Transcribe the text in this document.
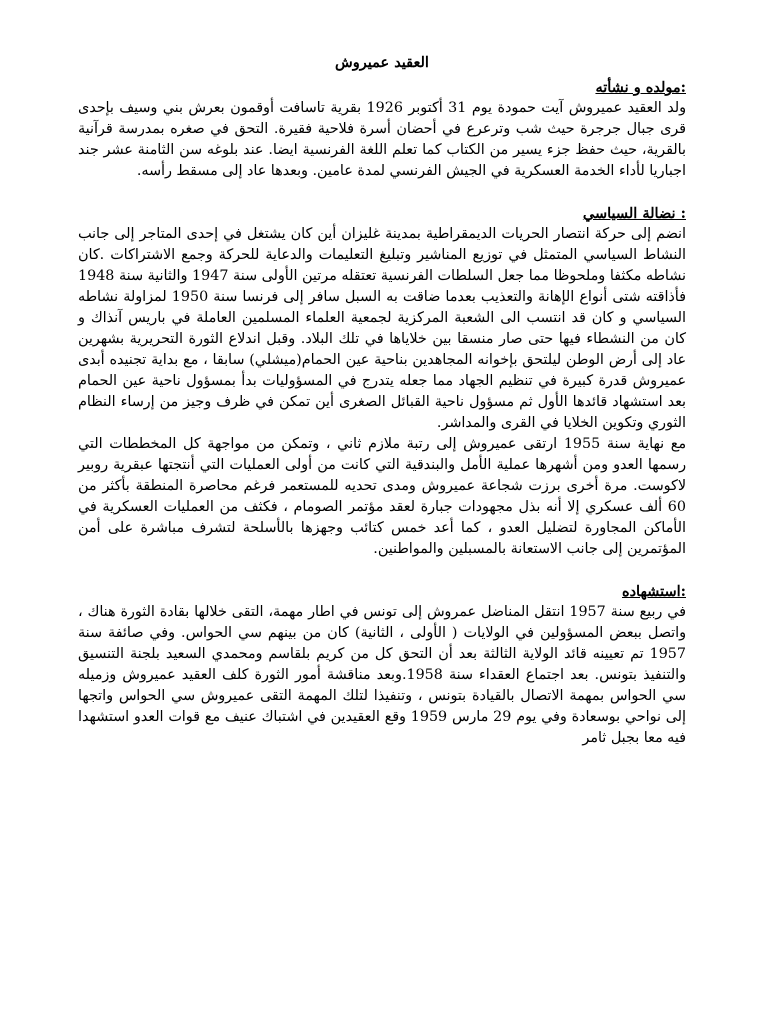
العقيد عميروش
:مولده و نشأته

ولد العقيد عميروش آيت حمودة يوم 31 أكتوبر 1926 بقرية تاسافت أوقمون بعرش بني وسيف بإحدى قرى جبال جرجرة حيث شب وترعرع في أحضان أسرة فلاحية فقيرة. التحق في صغره بمدرسة قرآنية بالقرية، حيث حفظ جزء يسير من الكتاب كما تعلم اللغة الفرنسية ايضا. عند بلوغه سن الثامنة عشر جند اجباريا لأداء الخدمة العسكرية في الجيش الفرنسي لمدة عامين. وبعدها عاد إلى مسقط رأسه.

: نضالة السياسي

انضم إلى حركة انتصار الحريات الديمقراطية بمدينة غليزان أين كان يشتغل في إحدى المتاجر إلى جانب النشاط السياسي المتمثل في توزيع المناشير وتبليغ التعليمات والدعاية للحركة وجمع الاشتراكات .كان نشاطه مكثفا وملحوظا مما جعل السلطات الفرنسية تعتقله مرتين الأولى سنة 1947 والثانية سنة 1948 فأذاقته شتى أنواع الإهانة والتعذيب بعدما ضاقت به السبل سافر إلى فرنسا سنة 1950 لمزاولة نشاطه السياسي و كان قد انتسب الى الشعبة المركزية لجمعية العلماء المسلمين العاملة في باريس آنذاك و كان من النشطاء فيها حتى صار منسقا بين خلاياها في تلك البلاد. وقبل اندلاع الثورة التحريرية بشهرين عاد إلى أرض الوطن ليلتحق بإخوانه المجاهدين بناحية عين الحمام(ميشلي) سابقا ، مع بداية تجنيده أبدى عميروش قدرة كبيرة في تنظيم الجهاد مما جعله يتدرج في المسؤوليات بدأ بمسؤول ناحية عين الحمام بعد استشهاد قائدها الأول ثم مسؤول ناحية القبائل الصغرى أين تمكن في ظرف وجيز من إرساء النظام الثوري وتكوين الخلايا في القرى والمداشر.

مع نهاية سنة 1955 ارتقى عميروش إلى رتبة ملازم ثاني ، وتمكن من مواجهة كل المخططات التي رسمها العدو ومن أشهرها عملية الأمل والبندقية التي كانت من أولى العمليات التي أنتجتها عبقرية روبير لاكوست. مرة أخرى برزت شجاعة عميروش ومدى تحديه للمستعمر فرغم محاصرة المنطقة بأكثر من 60 ألف عسكري إلا أنه بذل مجهودات جبارة لعقد مؤتمر الصومام ، فكثف من العمليات العسكرية في الأماكن المجاورة لتضليل العدو ، كما أعد خمس كتائب وجهزها بالأسلحة لتشرف مباشرة على أمن المؤتمرين إلى جانب الاستعانة بالمسبلين والمواطنين.

:استشهاده

في ربيع سنة 1957 انتقل المناضل عمروش إلى تونس في اطار مهمة، التقى خلالها بقادة الثورة هناك ، واتصل ببعض المسؤولين في الولايات ( الأولى ، الثانية) كان من بينهم سي الحواس. وفي صائفة سنة 1957 تم تعيينه قائد الولاية الثالثة بعد أن التحق كل من كريم بلقاسم ومحمدي السعيد بلجنة التنسيق والتنفيذ بتونس. بعد اجتماع العقداء سنة 1958.وبعد مناقشة أمور الثورة كلف العقيد عميروش وزميله سي الحواس بمهمة الاتصال بالقيادة بتونس ، وتنفيذا لتلك المهمة التقى عميروش سي الحواس واتجها إلى نواحي بوسعادة وفي يوم 29 مارس 1959 وقع العقيدين في اشتباك عنيف مع قوات العدو استشهدا فيه معا بجبل ثامر
